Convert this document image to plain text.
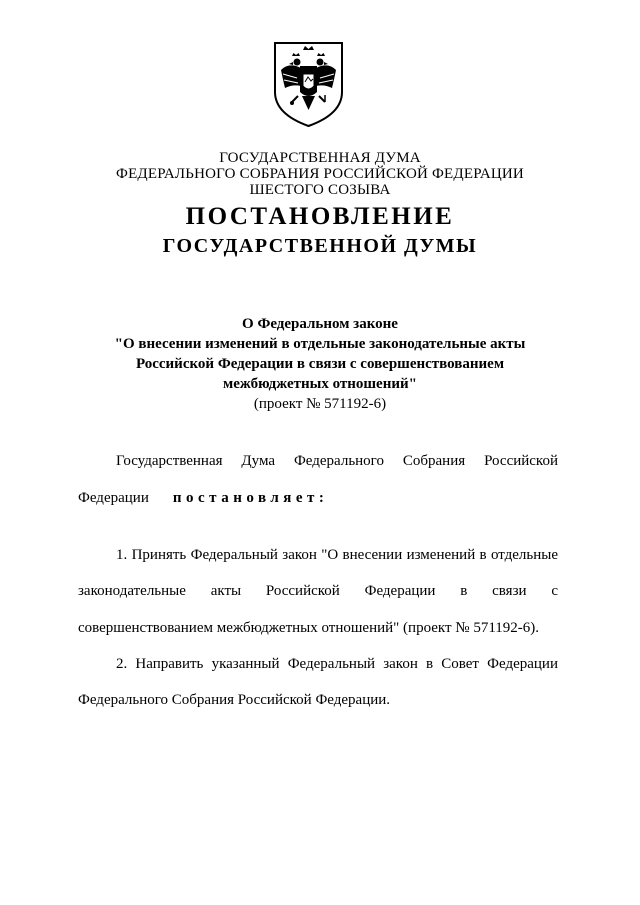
ГОСУДАРСТВЕННАЯ ДУМА
ФЕДЕРАЛЬНОГО СОБРАНИЯ РОССИЙСКОЙ ФЕДЕРАЦИИ
ШЕСТОГО СОЗЫВА
ПОСТАНОВЛЕНИЕ
ГОСУДАРСТВЕННОЙ ДУМЫ
О Федеральном законе
"О внесении изменений в отдельные законодательные акты
Российской Федерации в связи с совершенствованием
межбюджетных отношений"
(проект № 571192-6)
Государственная Дума Федерального Собрания Российской
Федерации постановляет:
1. Принять Федеральный закон "О внесении изменений в отдельные
законодательные акты Российской Федерации в связи с
совершенствованием межбюджетных отношений" (проект № 571192-6).
2. Направить указанный Федеральный закон в Совет Федерации
Федерального Собрания Российской Федерации.
